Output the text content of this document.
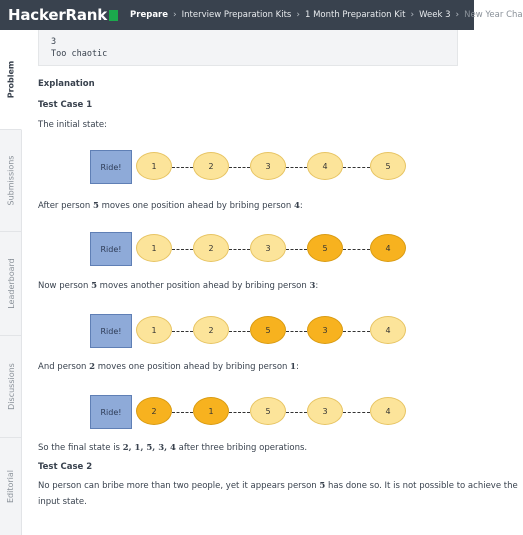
HackerRank	Prepare › Interview Preparation Kits › 1 Month Preparation Kit › Week 3 › New Year Cha
Problem
Submissions
Leaderboard
Discussions
Editorial
3
Too chaotic
Explanation
Test Case 1
The initial state:
Ride!	1	2	3	4	5
After person 5 moves one position ahead by bribing person 4:
Ride!	1	2	3	5	4
Now person 5 moves another position ahead by bribing person 3:
Ride!	1	2	5	3	4
And person 2 moves one position ahead by bribing person 1:
Ride!	2	1	5	3	4
So the final state is 2, 1, 5, 3, 4 after three bribing operations.
Test Case 2
No person can bribe more than two people, yet it appears person 5 has done so. It is not possible to achieve the
input state.
